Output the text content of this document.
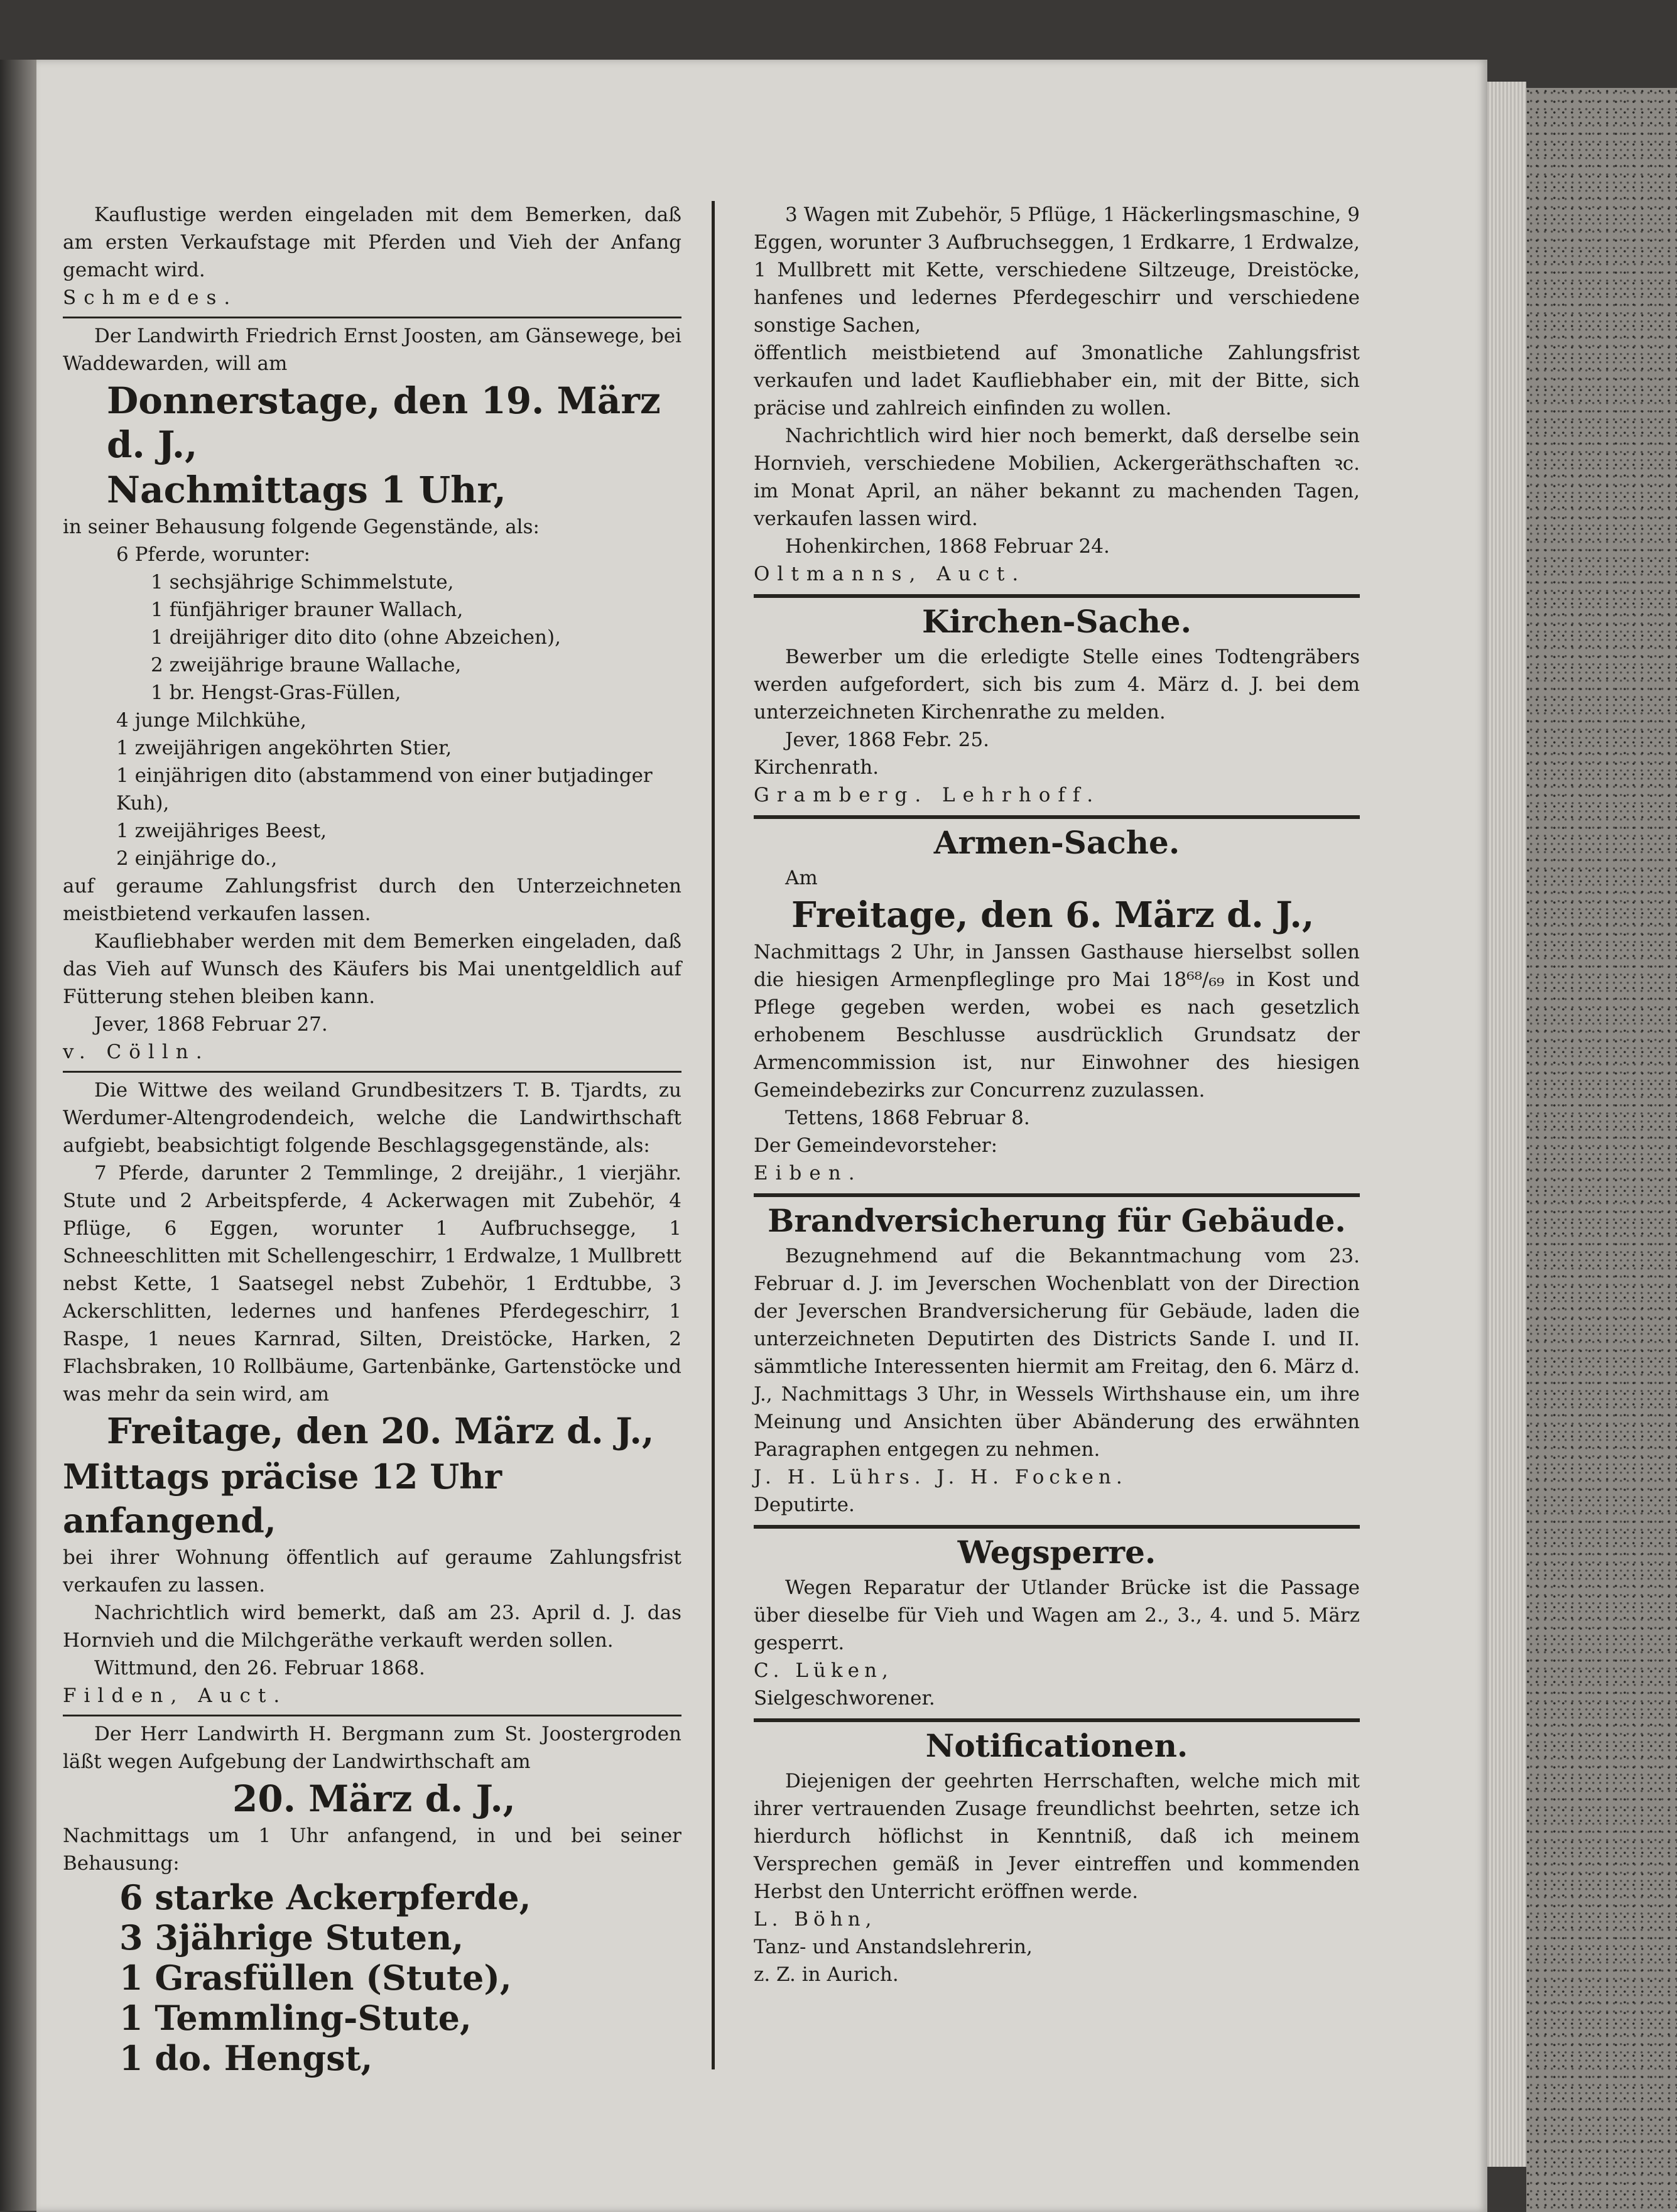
Kauflustige werden eingeladen mit dem Bemerken, daß am ersten Verkaufstage mit Pferden und Vieh der Anfang gemacht wird.

Schmedes.

Der Landwirth Friedrich Ernst Joosten, am Gänsewege, bei Waddewarden, will am

Donnerstage, den 19. März d. J.,

Nachmittags 1 Uhr,

in seiner Behausung folgende Gegenstände, als:

6 Pferde, worunter:
1 sechsjährige Schimmelstute,
1 fünfjähriger brauner Wallach,
1 dreijähriger dito dito (ohne Abzeichen),
2 zweijährige braune Wallache,
1 br. Hengst-Gras-Füllen,
4 junge Milchkühe,
1 zweijährigen angeköhrten Stier,
1 einjährigen dito (abstammend von einer butjadinger Kuh),
1 zweijähriges Beest,
2 einjährige do.,

auf geraume Zahlungsfrist durch den Unterzeichneten meistbietend verkaufen lassen.

Kaufliebhaber werden mit dem Bemerken eingeladen, daß das Vieh auf Wunsch des Käufers bis Mai unentgeldlich auf Fütterung stehen bleiben kann.

Jever, 1868 Februar 27.

v. Cölln.

Die Wittwe des weiland Grundbesitzers T. B. Tjardts, zu Werdumer-Altengrodendeich, welche die Landwirthschaft aufgiebt, beabsichtigt folgende Beschlagsgegenstände, als:

7 Pferde, darunter 2 Temmlinge, 2 dreijähr., 1 vierjähr. Stute und 2 Arbeitspferde, 4 Ackerwagen mit Zubehör, 4 Pflüge, 6 Eggen, worunter 1 Aufbruchsegge, 1 Schneeschlitten mit Schellengeschirr, 1 Erdwalze, 1 Mullbrett nebst Kette, 1 Saatsegel nebst Zubehör, 1 Erdtubbe, 3 Ackerschlitten, ledernes und hanfenes Pferdegeschirr, 1 Raspe, 1 neues Karnrad, Silten, Dreistöcke, Harken, 2 Flachsbraken, 10 Rollbäume, Gartenbänke, Gartenstöcke und was mehr da sein wird, am

Freitage, den 20. März d. J.,

Mittags präcise 12 Uhr anfangend,

bei ihrer Wohnung öffentlich auf geraume Zahlungsfrist verkaufen zu lassen.

Nachrichtlich wird bemerkt, daß am 23. April d. J. das Hornvieh und die Milchgeräthe verkauft werden sollen.

Wittmund, den 26. Februar 1868.

Filden, Auct.

Der Herr Landwirth H. Bergmann zum St. Joostergroden läßt wegen Aufgebung der Landwirthschaft am

20. März d. J.,

Nachmittags um 1 Uhr anfangend, in und bei seiner Behausung:

6 starke Ackerpferde,
3 3jährige Stuten,
1 Grasfüllen (Stute),
1 Temmling-Stute,
1 do. Hengst,

3 Wagen mit Zubehör, 5 Pflüge, 1 Häckerlingsmaschine, 9 Eggen, worunter 3 Aufbruchseggen, 1 Erdkarre, 1 Erdwalze, 1 Mullbrett mit Kette, verschiedene Siltzeuge, Dreistöcke, hanfenes und ledernes Pferdegeschirr und verschiedene sonstige Sachen,

öffentlich meistbietend auf 3monatliche Zahlungsfrist verkaufen und ladet Kaufliebhaber ein, mit der Bitte, sich präcise und zahlreich einfinden zu wollen.

Nachrichtlich wird hier noch bemerkt, daß derselbe sein Hornvieh, verschiedene Mobilien, Ackergeräthschaften ꝛc. im Monat April, an näher bekannt zu machenden Tagen, verkaufen lassen wird.

Hohenkirchen, 1868 Februar 24.

Oltmanns, Auct.

Kirchen-Sache.

Bewerber um die erledigte Stelle eines Todtengräbers werden aufgefordert, sich bis zum 4. März d. J. bei dem unterzeichneten Kirchenrathe zu melden.

Jever, 1868 Febr. 25.

Kirchenrath.

Gramberg. Lehrhoff.

Armen-Sache.

Am

Freitage, den 6. März d. J.,

Nachmittags 2 Uhr, in Janssen Gasthause hierselbst sollen die hiesigen Armenpfleglinge pro Mai 18⁶⁸/₆₉ in Kost und Pflege gegeben werden, wobei es nach gesetzlich erhobenem Beschlusse ausdrücklich Grundsatz der Armencommission ist, nur Einwohner des hiesigen Gemeindebezirks zur Concurrenz zuzulassen.

Tettens, 1868 Februar 8.

Der Gemeindevorsteher:

Eiben.

Brandversicherung für Gebäude.

Bezugnehmend auf die Bekanntmachung vom 23. Februar d. J. im Jeverschen Wochenblatt von der Direction der Jeverschen Brandversicherung für Gebäude, laden die unterzeichneten Deputirten des Districts Sande I. und II. sämmtliche Interessenten hiermit am Freitag, den 6. März d. J., Nachmittags 3 Uhr, in Wessels Wirthshause ein, um ihre Meinung und Ansichten über Abänderung des erwähnten Paragraphen entgegen zu nehmen.

J. H. Lührs. J. H. Focken.

Deputirte.

Wegsperre.

Wegen Reparatur der Utlander Brücke ist die Passage über dieselbe für Vieh und Wagen am 2., 3., 4. und 5. März gesperrt.

C. Lüken,

Sielgeschworener.

Notificationen.

Diejenigen der geehrten Herrschaften, welche mich mit ihrer vertrauenden Zusage freundlichst beehrten, setze ich hierdurch höflichst in Kenntniß, daß ich meinem Versprechen gemäß in Jever eintreffen und kommenden Herbst den Unterricht eröffnen werde.

L. Böhn,

Tanz- und Anstandslehrerin,

z. Z. in Aurich.
